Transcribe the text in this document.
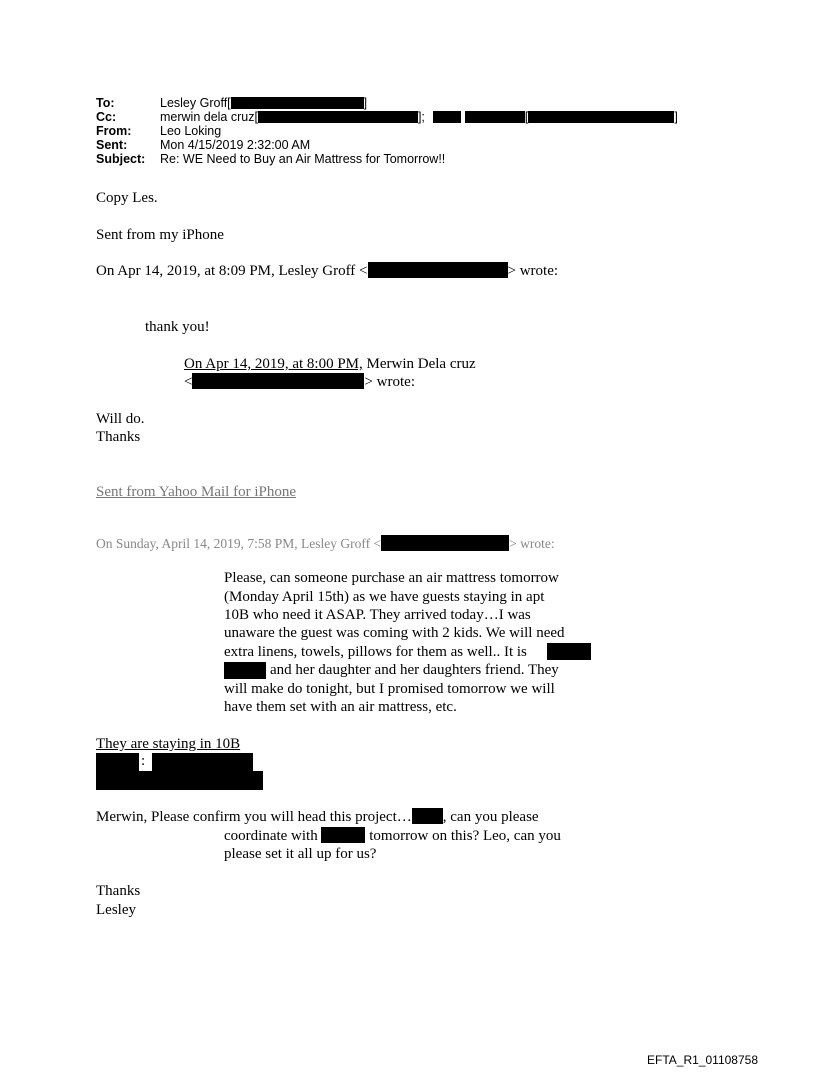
To:	Lesley Groff[	]
Cc:	merwin dela cruz[	];	[	]
From: Leo Loking
Sent:	Mon 4/15/2019 2:32:00 AM
Subject: Re: WE Need to Buy an Air Mattress for Tomorrow!!
Copy Les.
Sent from my iPhone
On Apr 14, 2019, at 8:09 PM, Lesley Groff <	> wrote:
thank you!
On Apr 14, 2019, at 8:00 PM, Merwin Dela cruz
<	> wrote:
Will do.
Thanks
Sent from Yahoo Mail for iPhone
On Sunday, April 14, 2019, 7:58 PM, Lesley Groff <	> wrote:
Please, can someone purchase an air mattress tomorrow
(Monday April 15th) as we have guests staying in apt
10B who need it ASAP. They arrived today…I was
unaware the guest was coming with 2 kids. We will need
extra linens, towels, pillows for them as well.. It is
and her daughter and her daughters friend. They
will make do tonight, but I promised tomorrow we will
have them set with an air mattress, etc.
They are staying in 10B
:
Merwin, Please confirm you will head this project… , can you please
coordinate with	tomorrow on this? Leo, can you
please set it all up for us?
Thanks
Lesley
EFTA_R1_01108758
